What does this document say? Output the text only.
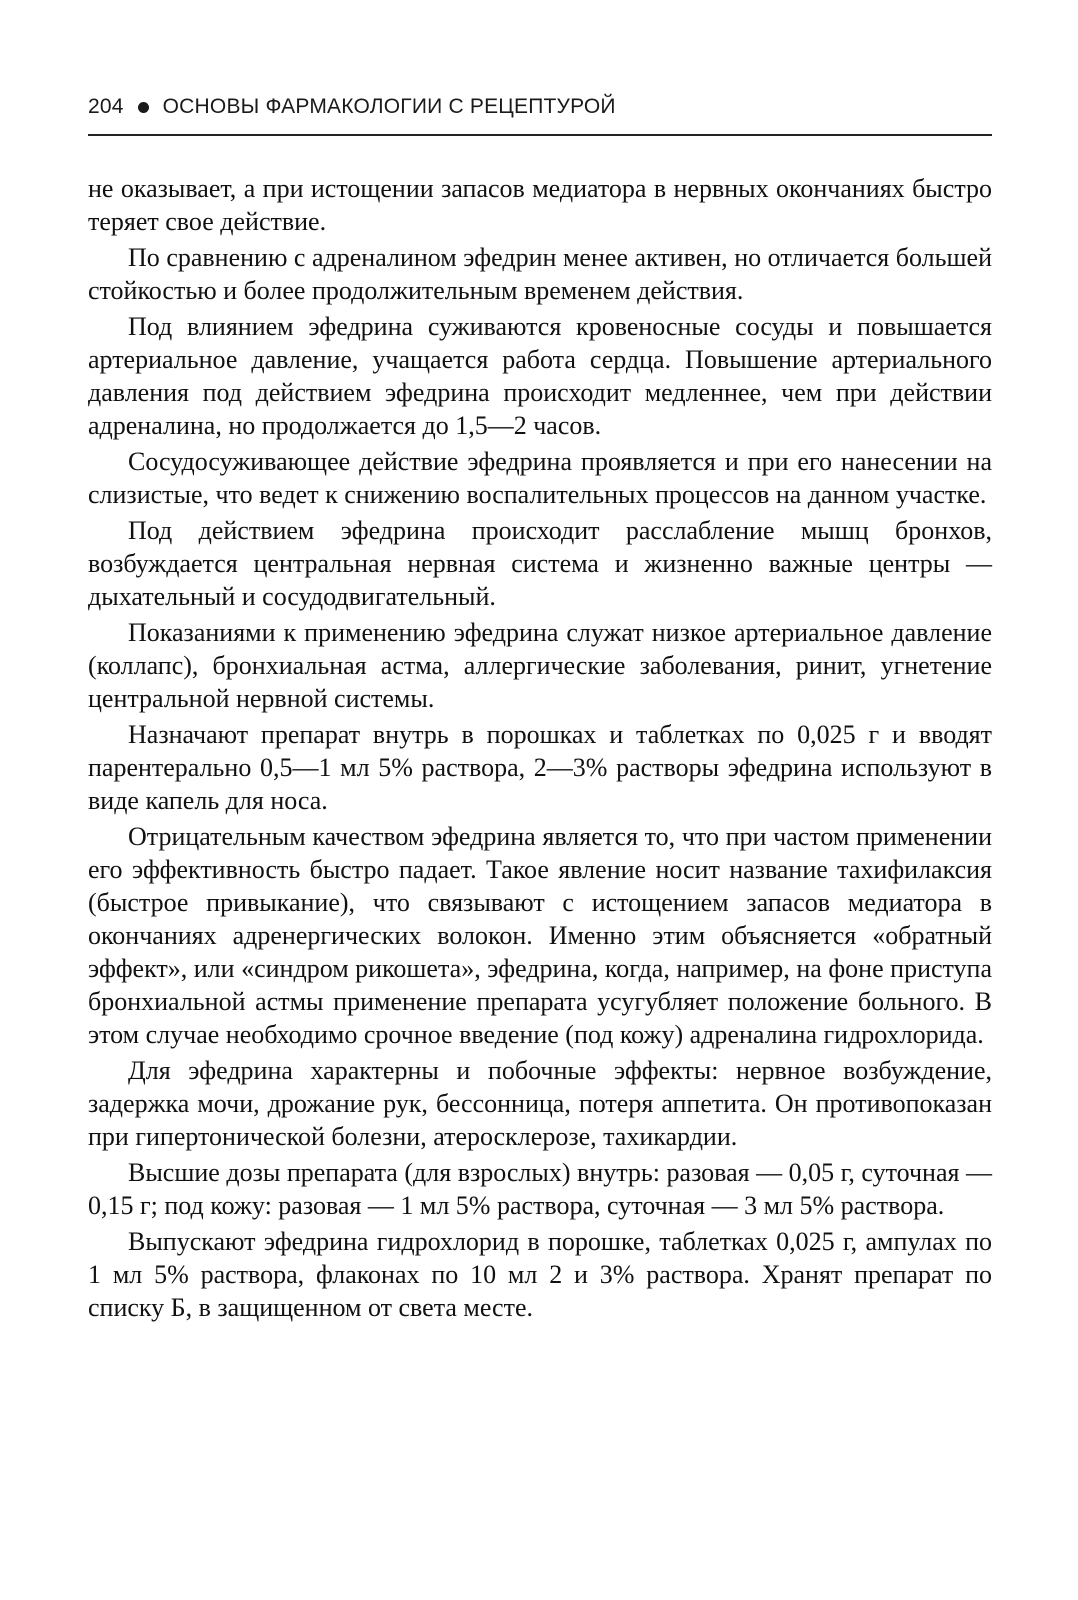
204 ОСНОВЫ ФАРМАКОЛОГИИ С РЕЦЕПТУРОЙ

не оказывает, а при истощении запасов медиатора в нервных окончаниях быстро теряет свое действие.

По сравнению с адреналином эфедрин менее активен, но отличается большей стойкостью и более продолжительным временем действия.

Под влиянием эфедрина суживаются кровеносные сосуды и повышается артериальное давление, учащается работа сердца. Повышение артериального давления под действием эфедрина происходит медленнее, чем при действии адреналина, но продолжается до 1,5—2 часов.

Сосудосуживающее действие эфедрина проявляется и при его нанесении на слизистые, что ведет к снижению воспалительных процессов на данном участке.

Под действием эфедрина происходит расслабление мышц бронхов, возбуждается центральная нервная система и жизненно важные центры — дыхательный и сосудодвигательный.

Показаниями к применению эфедрина служат низкое артериальное давление (коллапс), бронхиальная астма, аллергические заболевания, ринит, угнетение центральной нервной системы.

Назначают препарат внутрь в порошках и таблетках по 0,025 г и вводят парентерально 0,5—1 мл 5% раствора, 2—3% растворы эфедрина используют в виде капель для носа.

Отрицательным качеством эфедрина является то, что при частом применении его эффективность быстро падает. Такое явление носит название тахифилаксия (быстрое привыкание), что связывают с истощением запасов медиатора в окончаниях адренергических волокон. Именно этим объясняется «обратный эффект», или «синдром рикошета», эфедрина, когда, например, на фоне приступа бронхиальной астмы применение препарата усугубляет положение больного. В этом случае необходимо срочное введение (под кожу) адреналина гидрохлорида.

Для эфедрина характерны и побочные эффекты: нервное возбуждение, задержка мочи, дрожание рук, бессонница, потеря аппетита. Он противопоказан при гипертонической болезни, атеросклерозе, тахикардии.

Высшие дозы препарата (для взрослых) внутрь: разовая — 0,05 г, суточная — 0,15 г; под кожу: разовая — 1 мл 5% раствора, суточная — 3 мл 5% раствора.

Выпускают эфедрина гидрохлорид в порошке, таблетках 0,025 г, ампулах по 1 мл 5% раствора, флаконах по 10 мл 2 и 3% раствора. Хранят препарат по списку Б, в защищенном от света месте.
